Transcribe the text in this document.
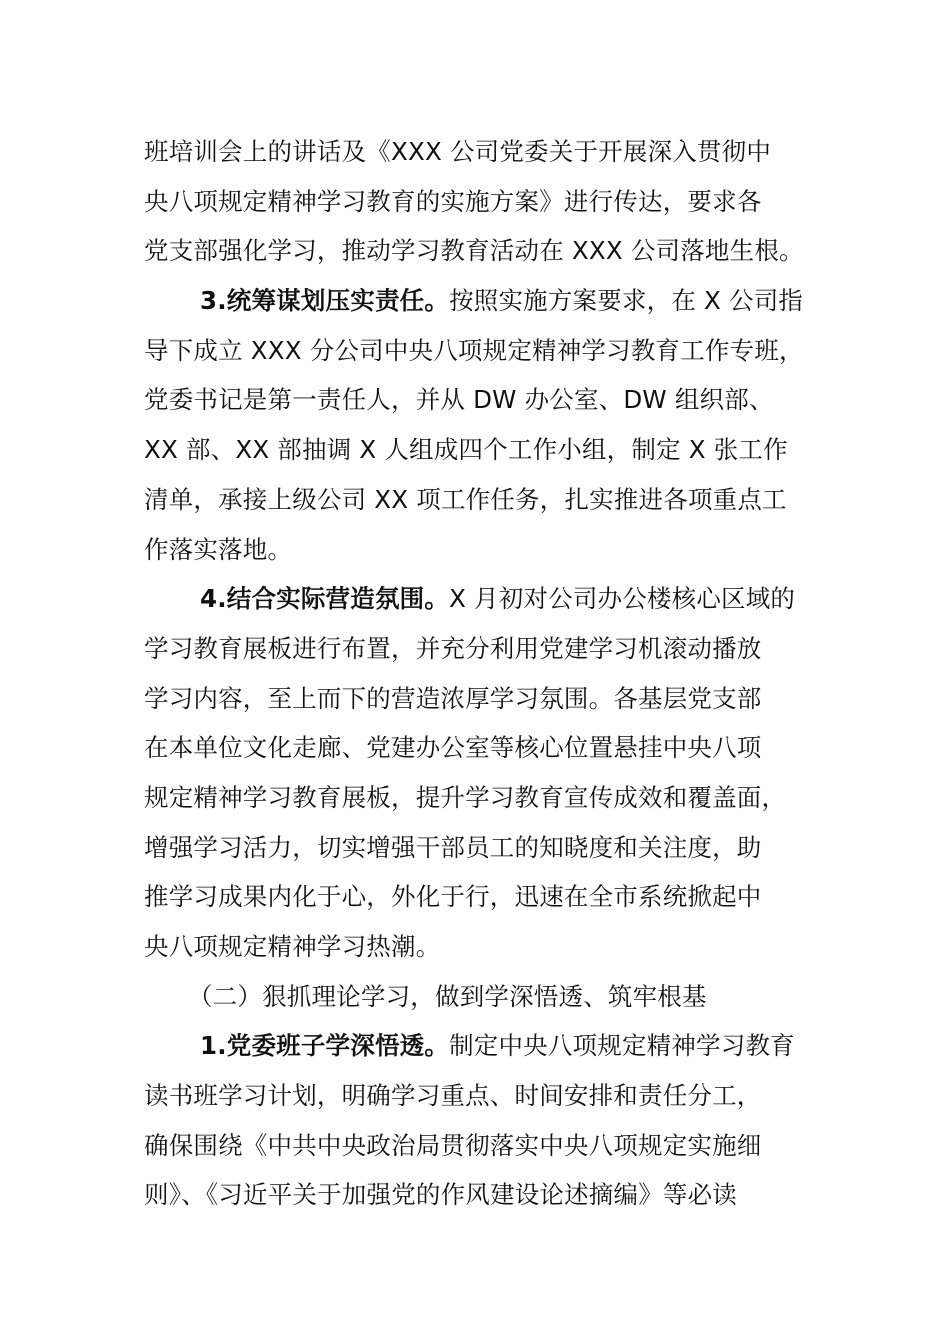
班培训会上的讲话及《XXX 公司党委关于开展深入贯彻中
央八项规定精神学习教育的实施方案》进行传达，要求各
党支部强化学习，推动学习教育活动在 XXX 公司落地生根。
3.统筹谋划压实责任。按照实施方案要求，在 X 公司指
导下成立 XXX 分公司中央八项规定精神学习教育工作专班，
党委书记是第一责任人，并从 DW 办公室、DW 组织部、
XX 部、XX 部抽调 X 人组成四个工作小组，制定 X 张工作
清单，承接上级公司 XX 项工作任务，扎实推进各项重点工
作落实落地。
4.结合实际营造氛围。X 月初对公司办公楼核心区域的
学习教育展板进行布置，并充分利用党建学习机滚动播放
学习内容，至上而下的营造浓厚学习氛围。各基层党支部
在本单位文化走廊、党建办公室等核心位置悬挂中央八项
规定精神学习教育展板，提升学习教育宣传成效和覆盖面，
增强学习活力，切实增强干部员工的知晓度和关注度，助
推学习成果内化于心，外化于行，迅速在全市系统掀起中
央八项规定精神学习热潮。
（二）狠抓理论学习，做到学深悟透、筑牢根基
1.党委班子学深悟透。制定中央八项规定精神学习教育
读书班学习计划，明确学习重点、时间安排和责任分工，
确保围绕《中共中央政治局贯彻落实中央八项规定实施细
则》、《习近平关于加强党的作风建设论述摘编》等必读
